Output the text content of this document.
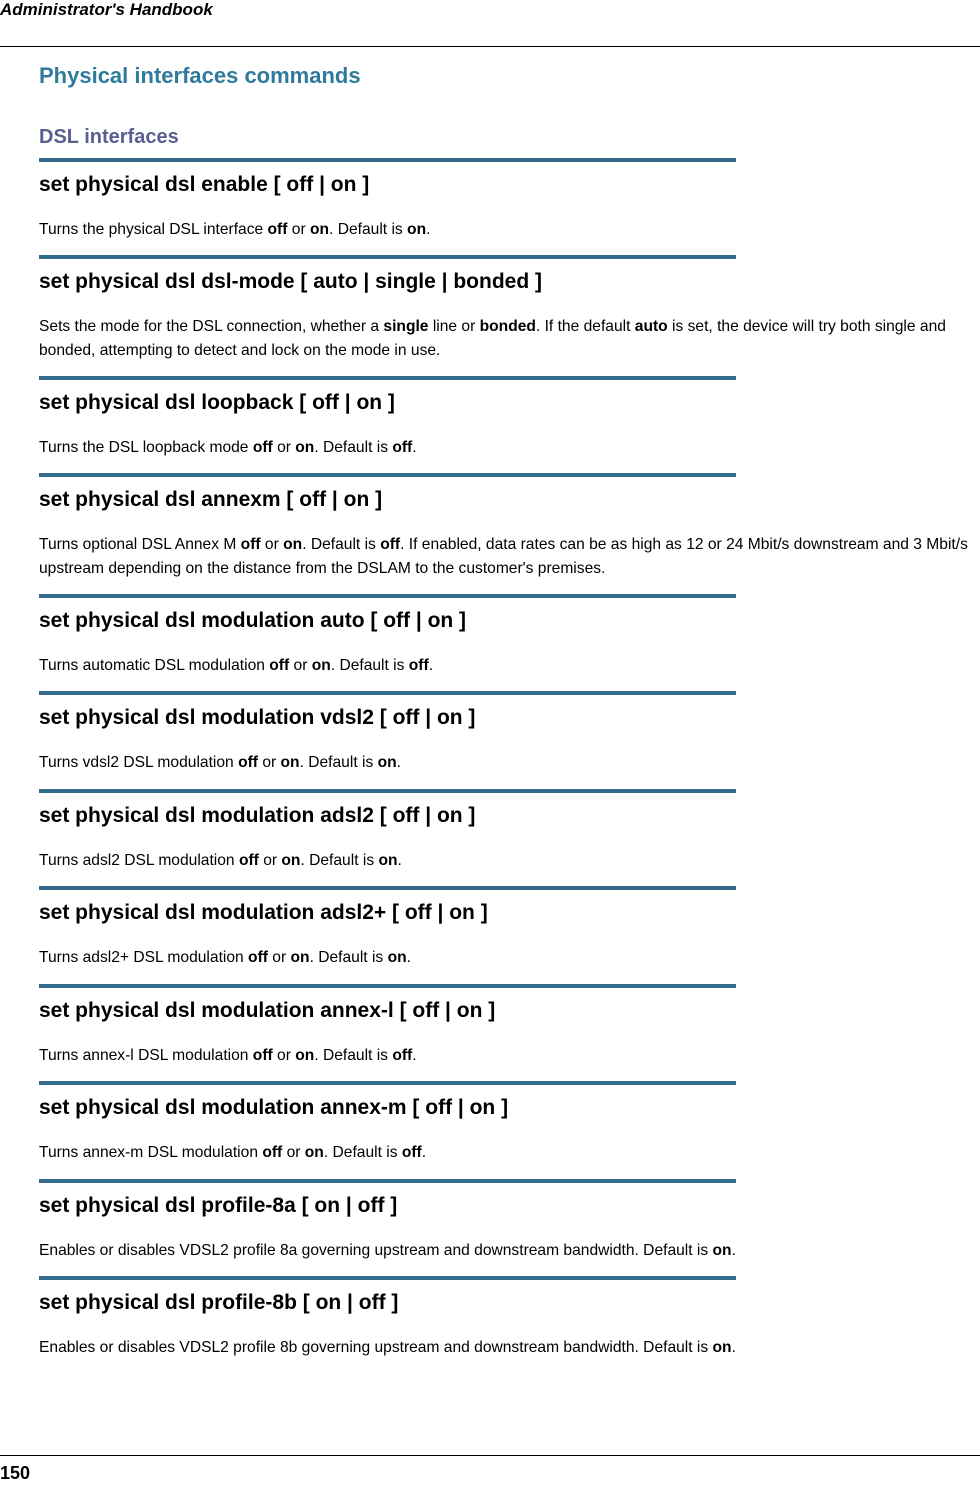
Administrator's Handbook
Physical interfaces commands
DSL interfaces
set physical dsl enable [ off | on ]

Turns the physical DSL interface off or on. Default is on.

set physical dsl dsl-mode [ auto | single | bonded ]

Sets the mode for the DSL connection, whether a single line or bonded. If the default auto is set, the device will try both single and bonded, attempting to detect and lock on the mode in use.

set physical dsl loopback [ off | on ]

Turns the DSL loopback mode off or on. Default is off.

set physical dsl annexm [ off | on ]

Turns optional DSL Annex M off or on. Default is off. If enabled, data rates can be as high as 12 or 24 Mbit/s downstream and 3 Mbit/s upstream depending on the distance from the DSLAM to the customer's premises.

set physical dsl modulation auto [ off | on ]

Turns automatic DSL modulation off or on. Default is off.

set physical dsl modulation vdsl2 [ off | on ]

Turns vdsl2 DSL modulation off or on. Default is on.

set physical dsl modulation adsl2 [ off | on ]

Turns adsl2 DSL modulation off or on. Default is on.

set physical dsl modulation adsl2+ [ off | on ]

Turns adsl2+ DSL modulation off or on. Default is on.

set physical dsl modulation annex-l [ off | on ]

Turns annex-l DSL modulation off or on. Default is off.

set physical dsl modulation annex-m [ off | on ]

Turns annex-m DSL modulation off or on. Default is off.

set physical dsl profile-8a [ on | off ]

Enables or disables VDSL2 profile 8a governing upstream and downstream bandwidth. Default is on.

set physical dsl profile-8b [ on | off ]

Enables or disables VDSL2 profile 8b governing upstream and downstream bandwidth. Default is on.

150
